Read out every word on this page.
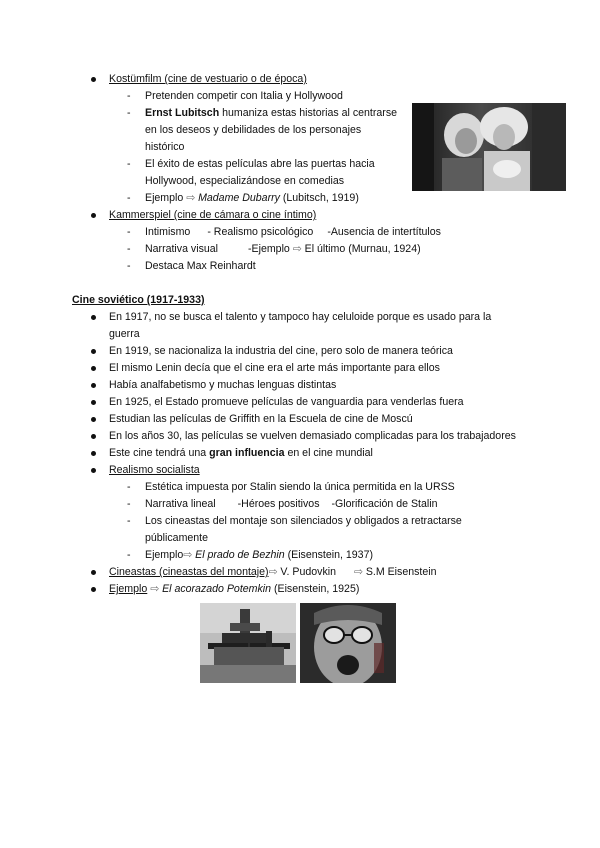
Kostümfilm (cine de vestuario o de época)
- Pretenden competir con Italia y Hollywood
- Ernst Lubitsch humaniza estas historias al centrarse
en los deseos y debilidades de los personajes
histórico
- El éxito de estas películas abre las puertas hacia
Hollywood, especializándose en comedias
- Ejemplo ⇨ Madame Dubarry (Lubitsch, 1919)
Kammerspiel (cine de cámara o cine íntimo)
- Intimismo - Realismo psicológico -Ausencia de intertítulos
- Narrativa visual	-Ejemplo ⇨ El último (Murnau, 1924)
- Destaca Max Reinhardt
Cine soviético (1917-1933)
En 1917, no se busca el talento y tampoco hay celuloide porque es usado para la
guerra
En 1919, se nacionaliza la industria del cine, pero solo de manera teórica
El mismo Lenin decía que el cine era el arte más importante para ellos
Había analfabetismo y muchas lenguas distintas
En 1925, el Estado promueve películas de vanguardia para venderlas fuera
Estudian las películas de Griffith en la Escuela de cine de Moscú
En los años 30, las películas se vuelven demasiado complicadas para los trabajadores
Este cine tendrá una gran influencia en el cine mundial
Realismo socialista
- Estética impuesta por Stalin siendo la única permitida en la URSS
- Narrativa lineal -Héroes positivos -Glorificación de Stalin
- Los cineastas del montaje son silenciados y obligados a retractarse
públicamente
- Ejemplo⇨ El prado de Bezhin (Eisenstein, 1937)
Cineastas (cineastas del montaje)⇨ V. Pudovkin ⇨ S.M Eisenstein
Ejemplo ⇨ El acorazado Potemkin (Eisenstein, 1925)
